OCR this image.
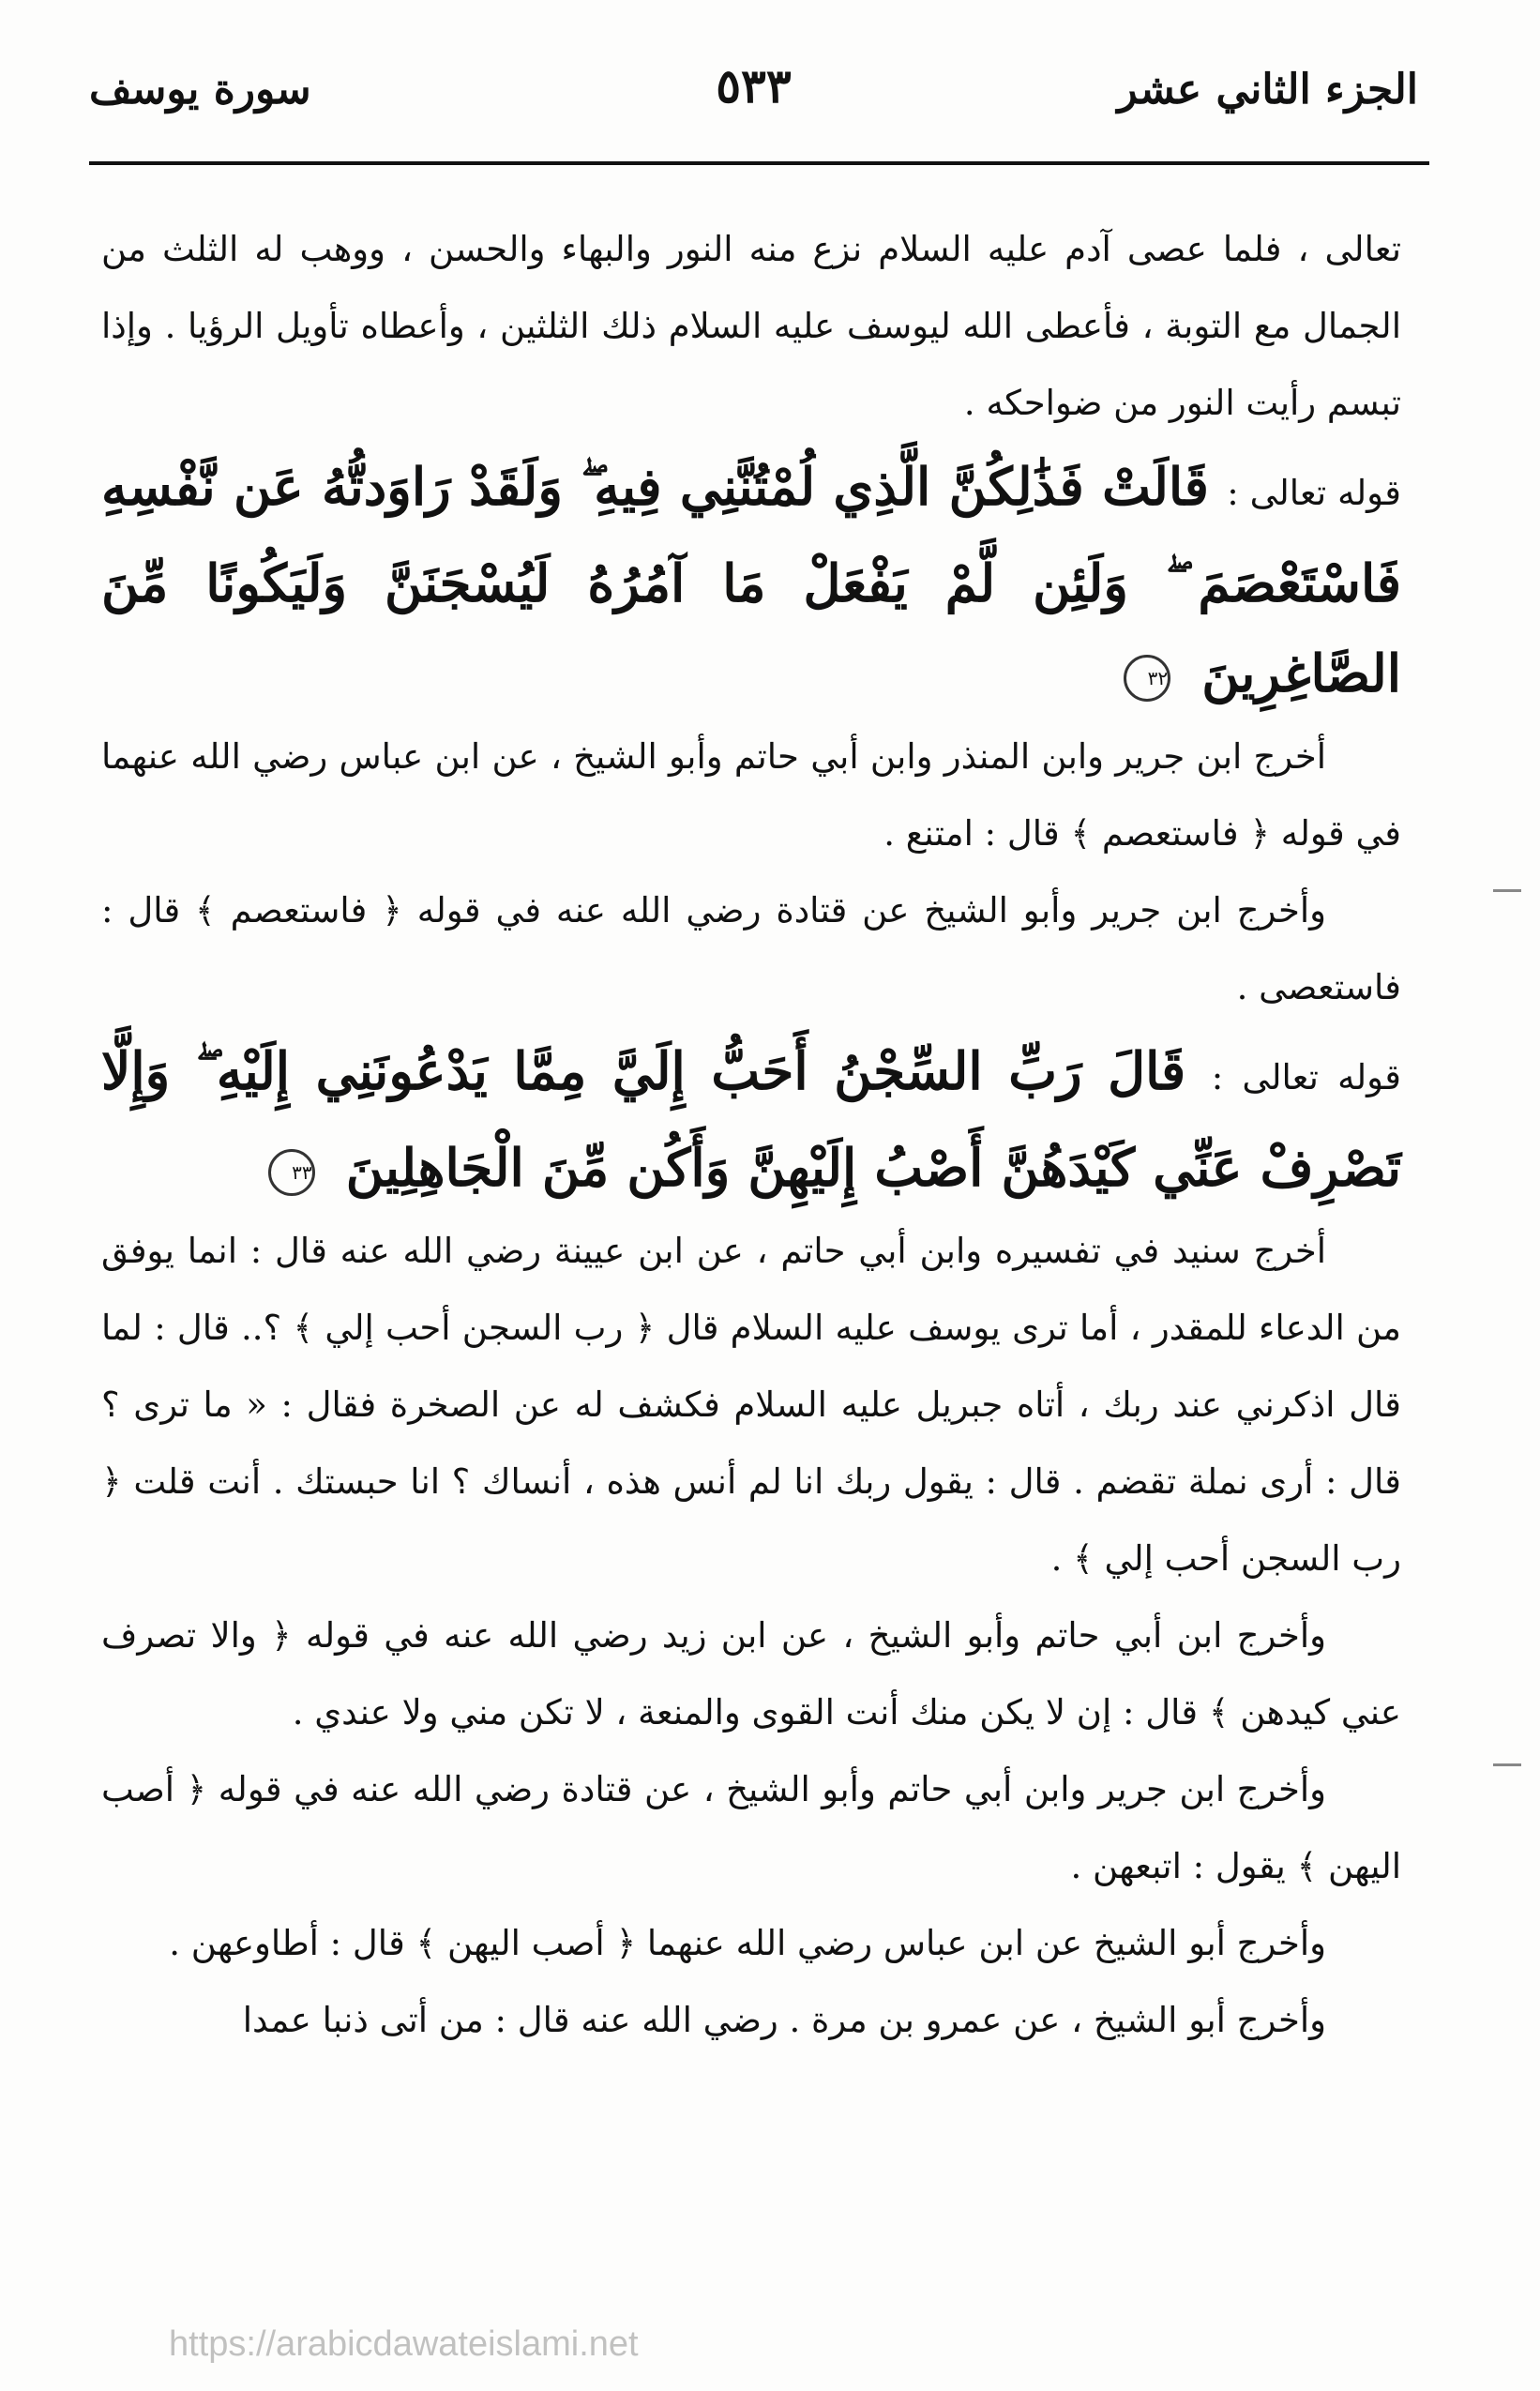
الجزء الثاني عشر
٥٣٣
سورة يوسف

تعالى ، فلما عصى آدم عليه السلام نزع منه النور والبهاء والحسن ، ووهب له الثلث من الجمال مع التوبة ، فأعطى الله ليوسف عليه السلام ذلك الثلثين ، وأعطاه تأويل الرؤيا . وإذا تبسم رأيت النور من ضواحكه .

قوله تعالى : قَالَتْ فَذَٰلِكُنَّ الَّذِي لُمْتُنَّنِي فِيهِ ۖ وَلَقَدْ رَاوَدتُّهُ عَن نَّفْسِهِ فَاسْتَعْصَمَ ۖ وَلَئِن لَّمْ يَفْعَلْ مَا آمُرُهُ لَيُسْجَنَنَّ وَلَيَكُونًا مِّنَ الصَّاغِرِينَ ٣٢

أخرج ابن جرير وابن المنذر وابن أبي حاتم وأبو الشيخ ، عن ابن عباس رضي الله عنهما في قوله ﴿ فاستعصم ﴾ قال : امتنع .

وأخرج ابن جرير وأبو الشيخ عن قتادة رضي الله عنه في قوله ﴿ فاستعصم ﴾ قال : فاستعصى .

قوله تعالى : قَالَ رَبِّ السِّجْنُ أَحَبُّ إِلَيَّ مِمَّا يَدْعُونَنِي إِلَيْهِ ۖ وَإِلَّا تَصْرِفْ عَنِّي كَيْدَهُنَّ أَصْبُ إِلَيْهِنَّ وَأَكُن مِّنَ الْجَاهِلِينَ ٣٣

أخرج سنيد في تفسيره وابن أبي حاتم ، عن ابن عيينة رضي الله عنه قال : انما يوفق من الدعاء للمقدر ، أما ترى يوسف عليه السلام قال ﴿ رب السجن أحب إلي ﴾ ؟.. قال : لما قال اذكرني عند ربك ، أتاه جبريل عليه السلام فكشف له عن الصخرة فقال : « ما ترى ؟ قال : أرى نملة تقضم . قال : يقول ربك انا لم أنس هذه ، أنساك ؟ انا حبستك . أنت قلت ﴿ رب السجن أحب إلي ﴾ .

وأخرج ابن أبي حاتم وأبو الشيخ ، عن ابن زيد رضي الله عنه في قوله ﴿ والا تصرف عني كيدهن ﴾ قال : إن لا يكن منك أنت القوى والمنعة ، لا تكن مني ولا عندي .

وأخرج ابن جرير وابن أبي حاتم وأبو الشيخ ، عن قتادة رضي الله عنه في قوله ﴿ أصب اليهن ﴾ يقول : اتبعهن .

وأخرج أبو الشيخ عن ابن عباس رضي الله عنهما ﴿ أصب اليهن ﴾ قال : أطاوعهن .

وأخرج أبو الشيخ ، عن عمرو بن مرة . رضي الله عنه قال : من أتى ذنبا عمدا

https://arabicdawateislami.net
